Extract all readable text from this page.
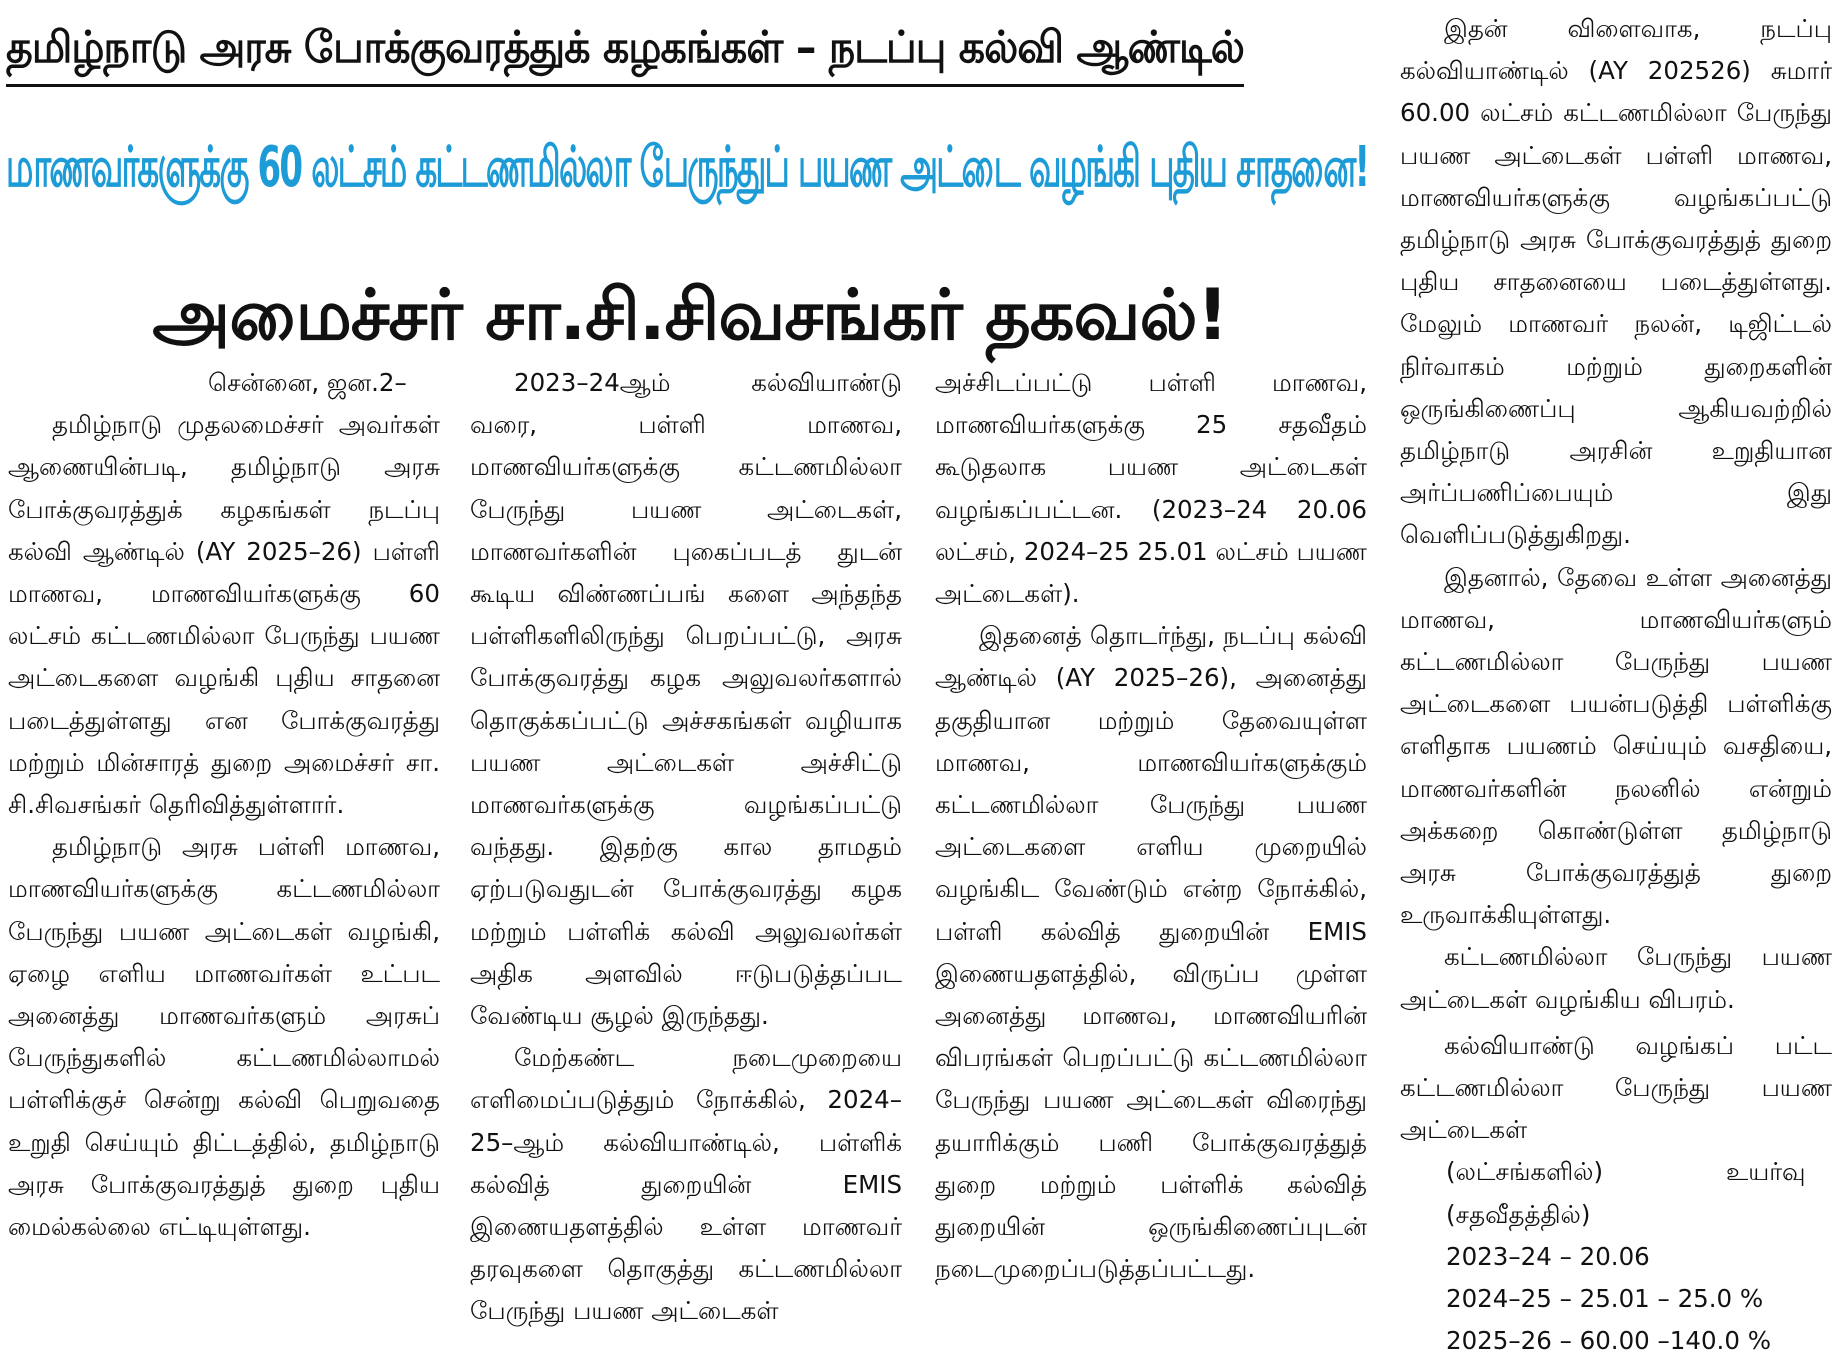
தமிழ்நாடு அரசு போக்குவரத்துக் கழகங்கள் – நடப்பு கல்வி ஆண்டில்
மாணவர்களுக்கு 60 லட்சம் கட்டணமில்லா பேருந்துப் பயண அட்டை வழங்கி புதிய சாதனை!
அமைச்சர் சா.சி.சிவசங்கர் தகவல்!

சென்னை, ஜன.2–

தமிழ்நாடு முதலமைச்சர் அவர்கள் ஆணையின்படி, தமிழ்நாடு அரசு போக்குவரத்துக் கழகங்கள் நடப்பு கல்வி ஆண்டில் (AY 2025–26) பள்ளி மாணவ, மாணவியர்களுக்கு 60 லட்சம் கட்டணமில்லா பேருந்து பயண அட்டைகளை வழங்கி புதிய சாதனை படைத்துள்ளது என போக்குவரத்து மற்றும் மின்சாரத் துறை அமைச்சர் சா. சி.சிவசங்கர் தெரிவித்துள்ளார்.

தமிழ்நாடு அரசு பள்ளி மாணவ, மாணவியர்களுக்கு கட்டணமில்லா பேருந்து பயண அட்டைகள் வழங்கி, ஏழை எளிய மாணவர்கள் உட்பட அனைத்து மாணவர்களும் அரசுப் பேருந்துகளில் கட்டணமில்லாமல் பள்ளிக்குச் சென்று கல்வி பெறுவதை உறுதி செய்யும் திட்டத்தில், தமிழ்நாடு அரசு போக்குவரத்துத் துறை புதிய மைல்கல்லை எட்டியுள்ளது.

2023–24ஆம் கல்வியாண்டு வரை, பள்ளி மாணவ, மாணவியர்களுக்கு கட்டணமில்லா பேருந்து பயண அட்டைகள், மாணவர்களின் புகைப்படத் துடன் கூடிய விண்ணப்பங் களை அந்தந்த பள்ளிகளிலிருந்து பெறப்பட்டு, அரசு போக்குவரத்து கழக அலுவலர்களால் தொகுக்கப்பட்டு அச்சகங்கள் வழியாக பயண அட்டைகள் அச்சிட்டு மாணவர்களுக்கு வழங்கப்பட்டு வந்தது. இதற்கு கால தாமதம் ஏற்படுவதுடன் போக்குவரத்து கழக மற்றும் பள்ளிக் கல்வி அலுவலர்கள் அதிக அளவில் ஈடுபடுத்தப்பட வேண்டிய சூழல் இருந்தது.

மேற்கண்ட நடைமுறையை எளிமைப்படுத்தும் நோக்கில், 2024–25–ஆம் கல்வியாண்டில், பள்ளிக் கல்வித் துறையின் EMIS இணையதளத்தில் உள்ள மாணவர் தரவுகளை தொகுத்து கட்டணமில்லா பேருந்து பயண அட்டைகள்

அச்சிடப்பட்டு பள்ளி மாணவ, மாணவியர்களுக்கு 25 சதவீதம் கூடுதலாக பயண அட்டைகள் வழங்கப்பட்டன. (2023–24 20.06 லட்சம், 2024–25 25.01 லட்சம் பயண அட்டைகள்).

இதனைத் தொடர்ந்து, நடப்பு கல்வி ஆண்டில் (AY 2025–26), அனைத்து தகுதியான மற்றும் தேவையுள்ள மாணவ, மாணவியர்களுக்கும் கட்டணமில்லா பேருந்து பயண அட்டைகளை எளிய முறையில் வழங்கிட வேண்டும் என்ற நோக்கில், பள்ளி கல்வித் துறையின் EMIS இணையதளத்தில், விருப்ப முள்ள அனைத்து மாணவ, மாணவியரின் விபரங்கள் பெறப்பட்டு கட்டணமில்லா பேருந்து பயண அட்டைகள் விரைந்து தயாரிக்கும் பணி போக்குவரத்துத் துறை மற்றும் பள்ளிக் கல்வித் துறையின் ஒருங்கிணைப்புடன் நடைமுறைப்படுத்தப்பட்டது.

இதன் விளைவாக, நடப்பு கல்வியாண்டில் (AY 202526) சுமார் 60.00 லட்சம் கட்டணமில்லா பேருந்து பயண அட்டைகள் பள்ளி மாணவ, மாணவியர்களுக்கு வழங்கப்பட்டு தமிழ்நாடு அரசு போக்குவரத்துத் துறை புதிய சாதனையை படைத்துள்ளது. மேலும் மாணவர் நலன், டிஜிட்டல் நிர்வாகம் மற்றும் துறைகளின் ஒருங்கிணைப்பு ஆகியவற்றில் தமிழ்நாடு அரசின் உறுதியான அர்ப்பணிப்பையும் இது வெளிப்படுத்துகிறது.

இதனால், தேவை உள்ள அனைத்து மாணவ, மாணவியர்களும் கட்டணமில்லா பேருந்து பயண அட்டைகளை பயன்படுத்தி பள்ளிக்கு எளிதாக பயணம் செய்யும் வசதியை, மாணவர்களின் நலனில் என்றும் அக்கறை கொண்டுள்ள தமிழ்நாடு அரசு போக்குவரத்துத் துறை உருவாக்கியுள்ளது.

கட்டணமில்லா பேருந்து பயண அட்டைகள் வழங்கிய விபரம்.

கல்வியாண்டு வழங்கப் பட்ட கட்டணமில்லா பேருந்து பயண அட்டைகள்

(லட்சங்களில்)	உயர்வு
(சதவீதத்தில்)
2023–24 – 20.06
2024–25 – 25.01 – 25.0 %
2025–26 – 60.00 –140.0 %
